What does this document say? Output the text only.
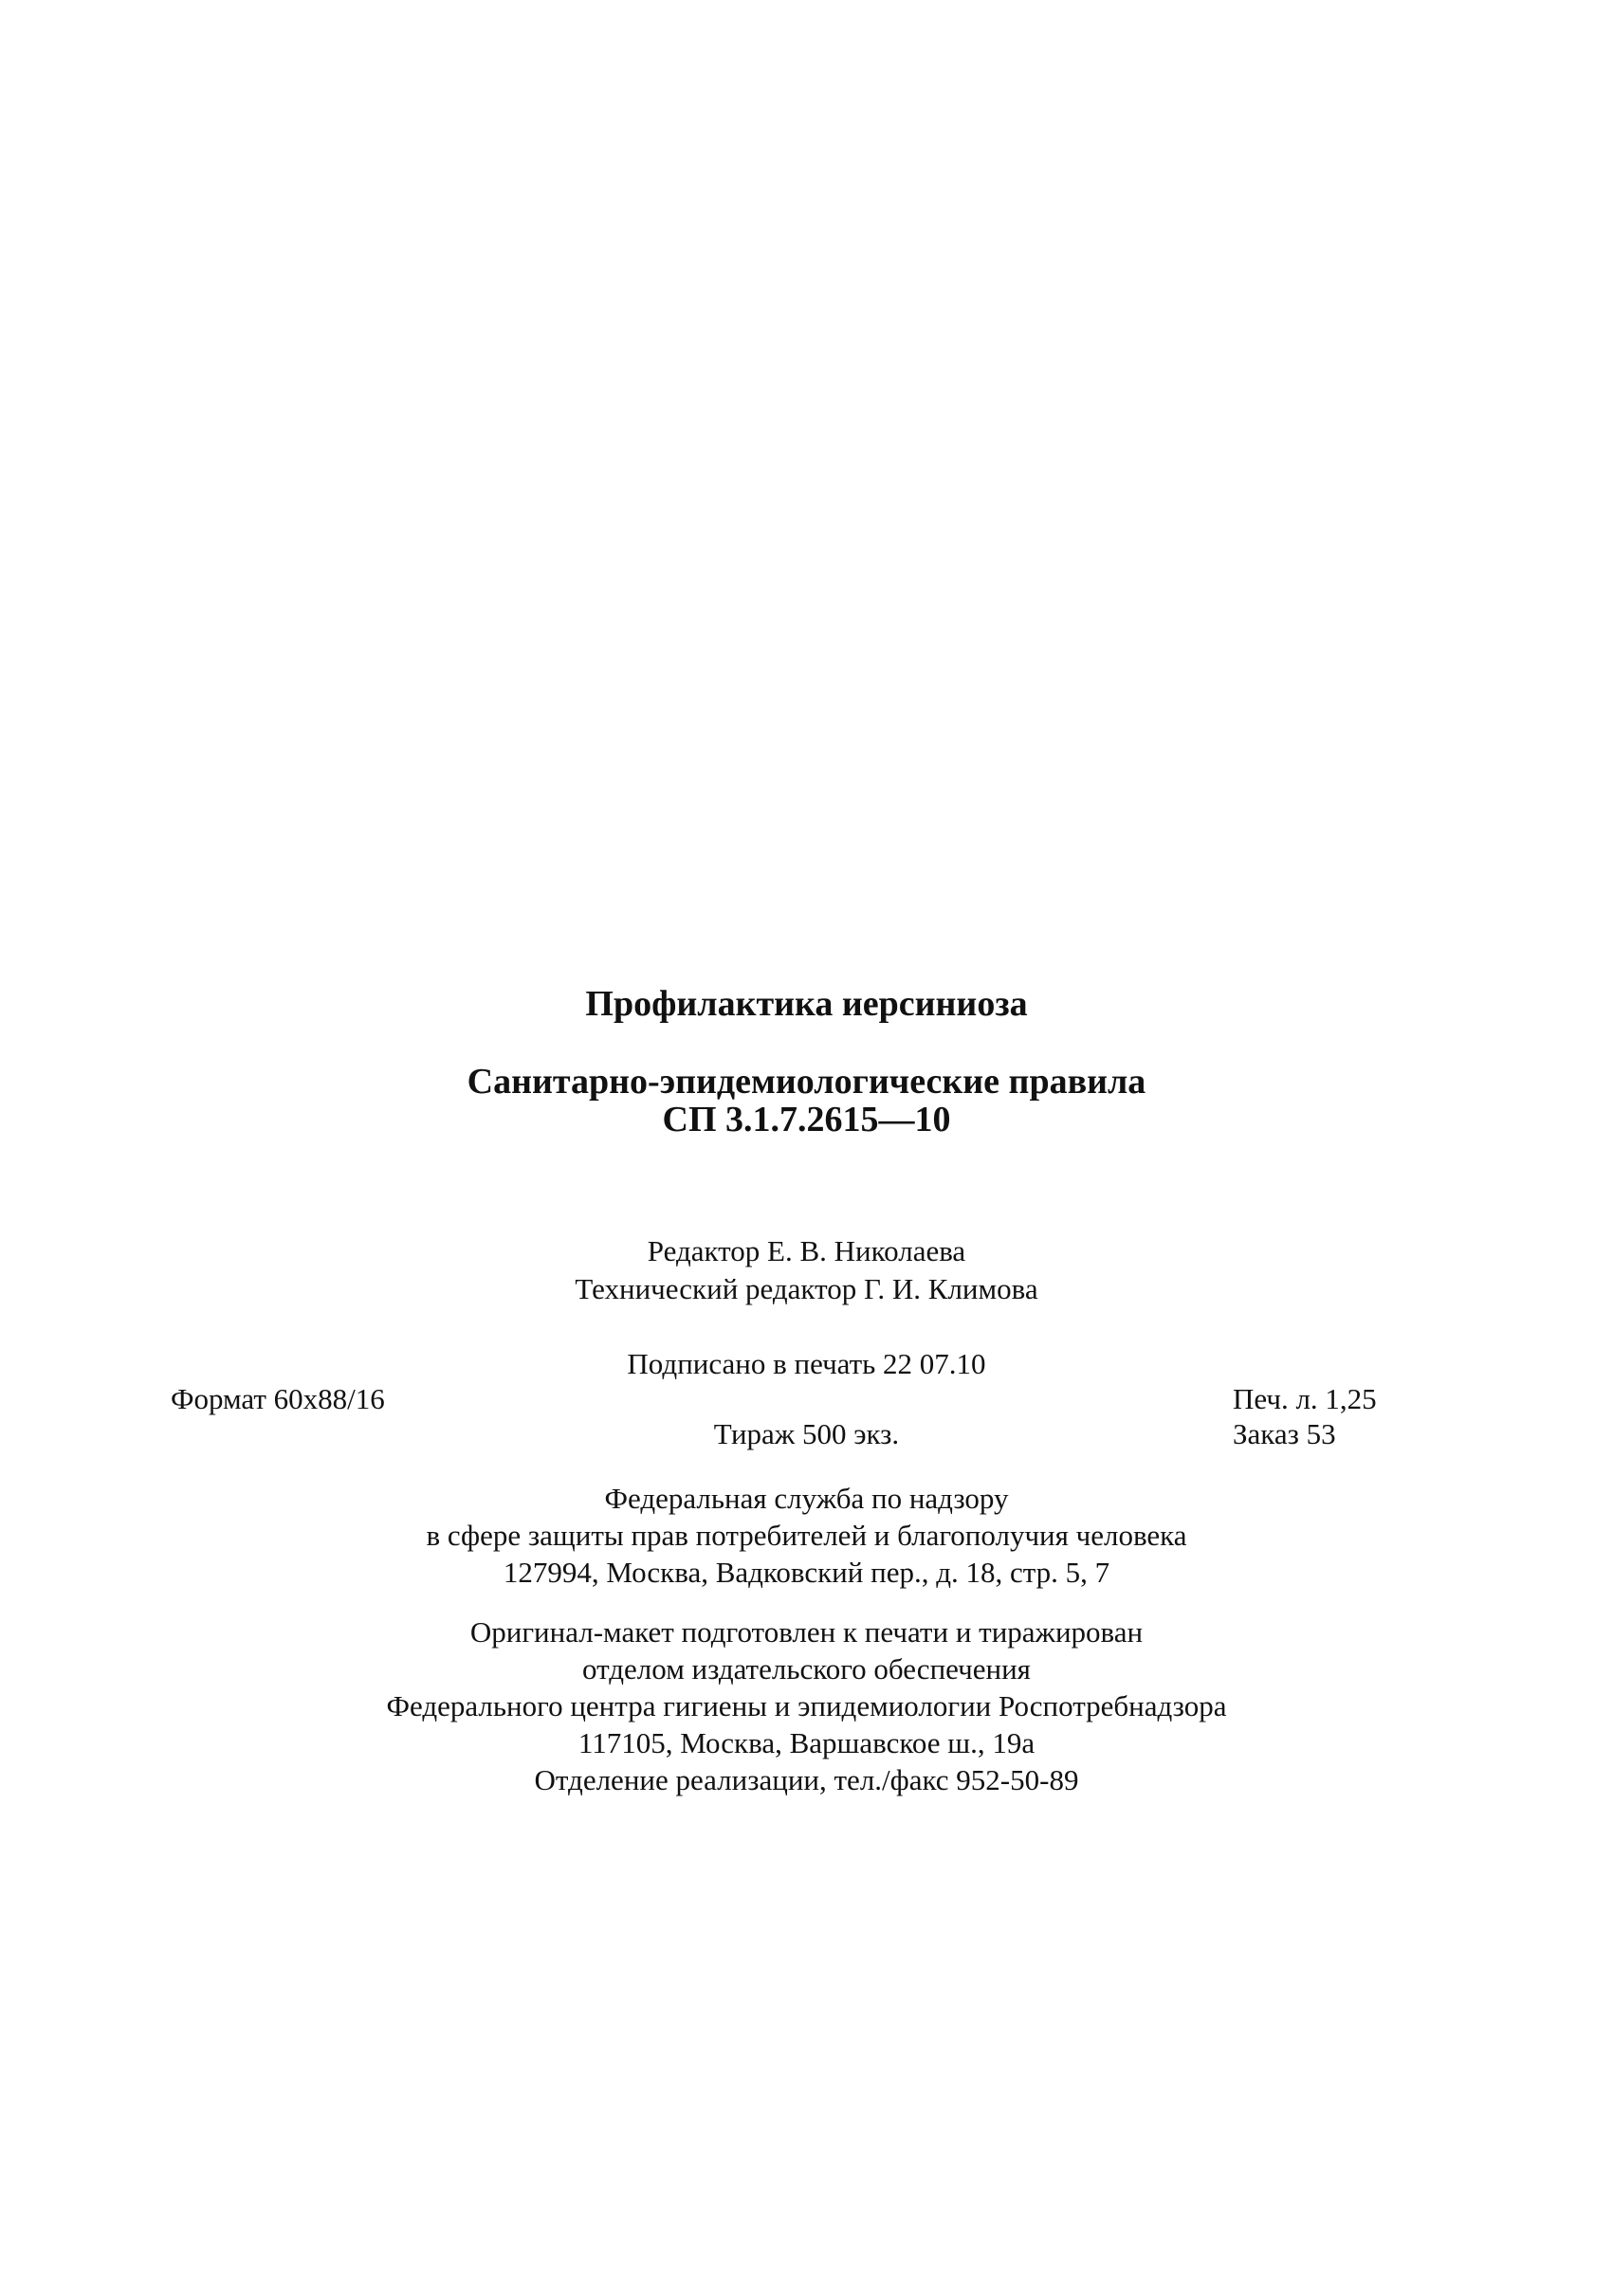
Профилактика иерсиниоза
Санитарно-эпидемиологические правила
СП 3.1.7.2615—10
Редактор Е. В. Николаева
Технический редактор Г. И. Климова
Подписано в печать 22 07.10
Формат 60х88/16	Печ. л. 1,25
Тираж 500 экз.	Заказ 53
Федеральная служба по надзору
в сфере защиты прав потребителей и благополучия человека
127994, Москва, Вадковский пер., д. 18, стр. 5, 7
Оригинал-макет подготовлен к печати и тиражирован
отделом издательского обеспечения
Федерального центра гигиены и эпидемиологии Роспотребнадзора
117105, Москва, Варшавское ш., 19а
Отделение реализации, тел./факс 952-50-89
